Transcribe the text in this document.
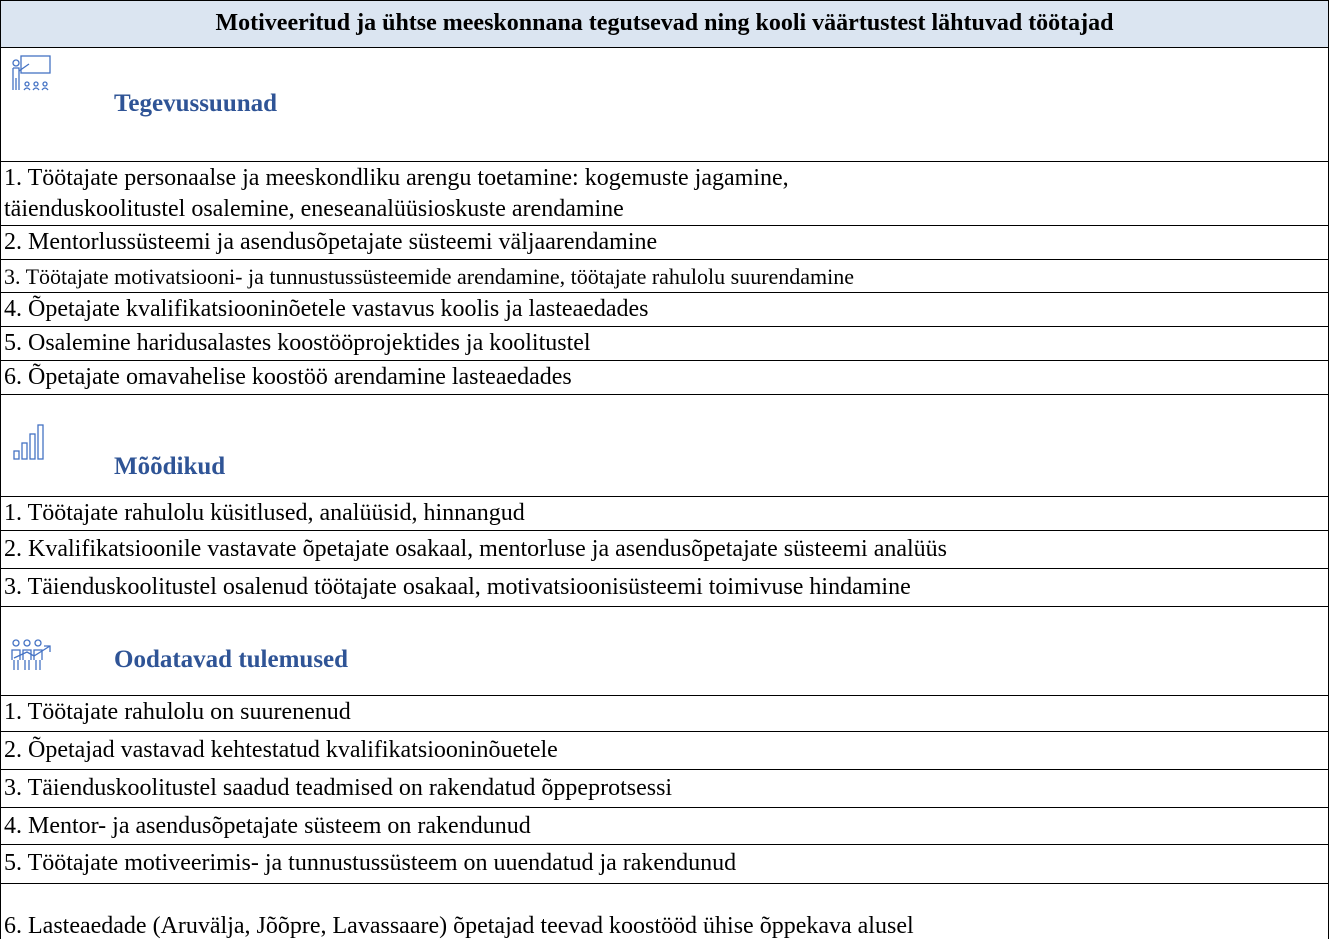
Motiveeritud ja ühtse meeskonnana tegutsevad ning kooli väärtustest lähtuvad töötajad
Tegevussuunad
1. Töötajate personaalse ja meeskondliku arengu toetamine: kogemuste jagamine,
täienduskoolitustel osalemine, eneseanalüüsioskuste arendamine
2. Mentorlussüsteemi ja asendusõpetajate süsteemi väljaarendamine
3. Töötajate motivatsiooni- ja tunnustussüsteemide arendamine, töötajate rahulolu suurendamine
4. Õpetajate kvalifikatsiooninõetele vastavus koolis ja lasteaedades
5. Osalemine haridusalastes koostööprojektides ja koolitustel
6. Õpetajate omavahelise koostöö arendamine lasteaedades
Mõõdikud
1. Töötajate rahulolu küsitlused, analüüsid, hinnangud
2. Kvalifikatsioonile vastavate õpetajate osakaal, mentorluse ja asendusõpetajate süsteemi analüüs
3. Täienduskoolitustel osalenud töötajate osakaal, motivatsioonisüsteemi toimivuse hindamine
Oodatavad tulemused
1. Töötajate rahulolu on suurenenud
2. Õpetajad vastavad kehtestatud kvalifikatsiooninõuetele
3. Täienduskoolitustel saadud teadmised on rakendatud õppeprotsessi
4. Mentor- ja asendusõpetajate süsteem on rakendunud
5. Töötajate motiveerimis- ja tunnustussüsteem on uuendatud ja rakendunud
6. Lasteaedade (Aruvälja, Jõõpre, Lavassaare) õpetajad teevad koostööd ühise õppekava alusel
